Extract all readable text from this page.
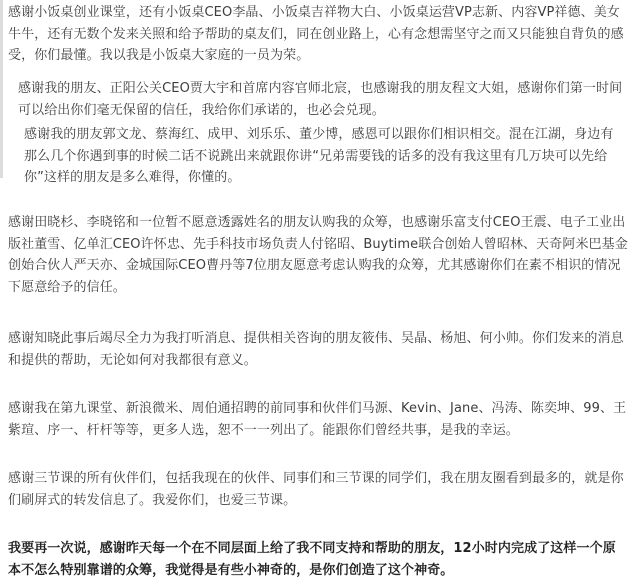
感谢小饭桌创业课堂，还有小饭桌CEO李晶、小饭桌吉祥物大白、小饭桌运营VP志新、内容VP祥德、美女牛牛，还有无数个发来关照和给予帮助的桌友们，同在创业路上，心有念想需坚守之而又只能独自背负的感受，你们最懂。我以我是小饭桌大家庭的一员为荣。

感谢我的朋友、正阳公关CEO贾大宇和首席内容官师北宸，也感谢我的朋友程文大姐，感谢你们第一时间可以给出你们毫无保留的信任，我给你们承诺的，也必会兑现。

感谢我的朋友郭文龙、蔡海红、成甲、刘乐乐、董少博，感恩可以跟你们相识相交。混在江湖，身边有那么几个你遇到事的时候二话不说跳出来就跟你讲“兄弟需要钱的话多的没有我这里有几万块可以先给你”这样的朋友是多么难得，你懂的。

感谢田晓杉、李晓铭和一位暂不愿意透露姓名的朋友认购我的众筹，也感谢乐富支付CEO王震、电子工业出版社董雪、亿单汇CEO许怀忠、先手科技市场负责人付铭昭、Buytime联合创始人曾昭林、天奇阿米巴基金创始合伙人严天亦、金城国际CEO曹丹等7位朋友愿意考虑认购我的众筹，尤其感谢你们在素不相识的情况下愿意给予的信任。

感谢知晓此事后竭尽全力为我打听消息、提供相关咨询的朋友筱伟、吴晶、杨旭、何小帅。你们发来的消息和提供的帮助，无论如何对我都很有意义。

感谢我在第九课堂、新浪微米、周伯通招聘的前同事和伙伴们马源、Kevin、Jane、冯涛、陈奕坤、99、王紫瑄、序一、杆杆等等，更多人选，恕不一一列出了。能跟你们曾经共事，是我的幸运。

感谢三节课的所有伙伴们，包括我现在的伙伴、同事们和三节课的同学们，我在朋友圈看到最多的，就是你们刷屏式的转发信息了。我爱你们，也爱三节课。

我要再一次说，感谢昨天每一个在不同层面上给了我不同支持和帮助的朋友，12小时内完成了这样一个原本不怎么特别靠谱的众筹，我觉得是有些小神奇的，是你们创造了这个神奇。
